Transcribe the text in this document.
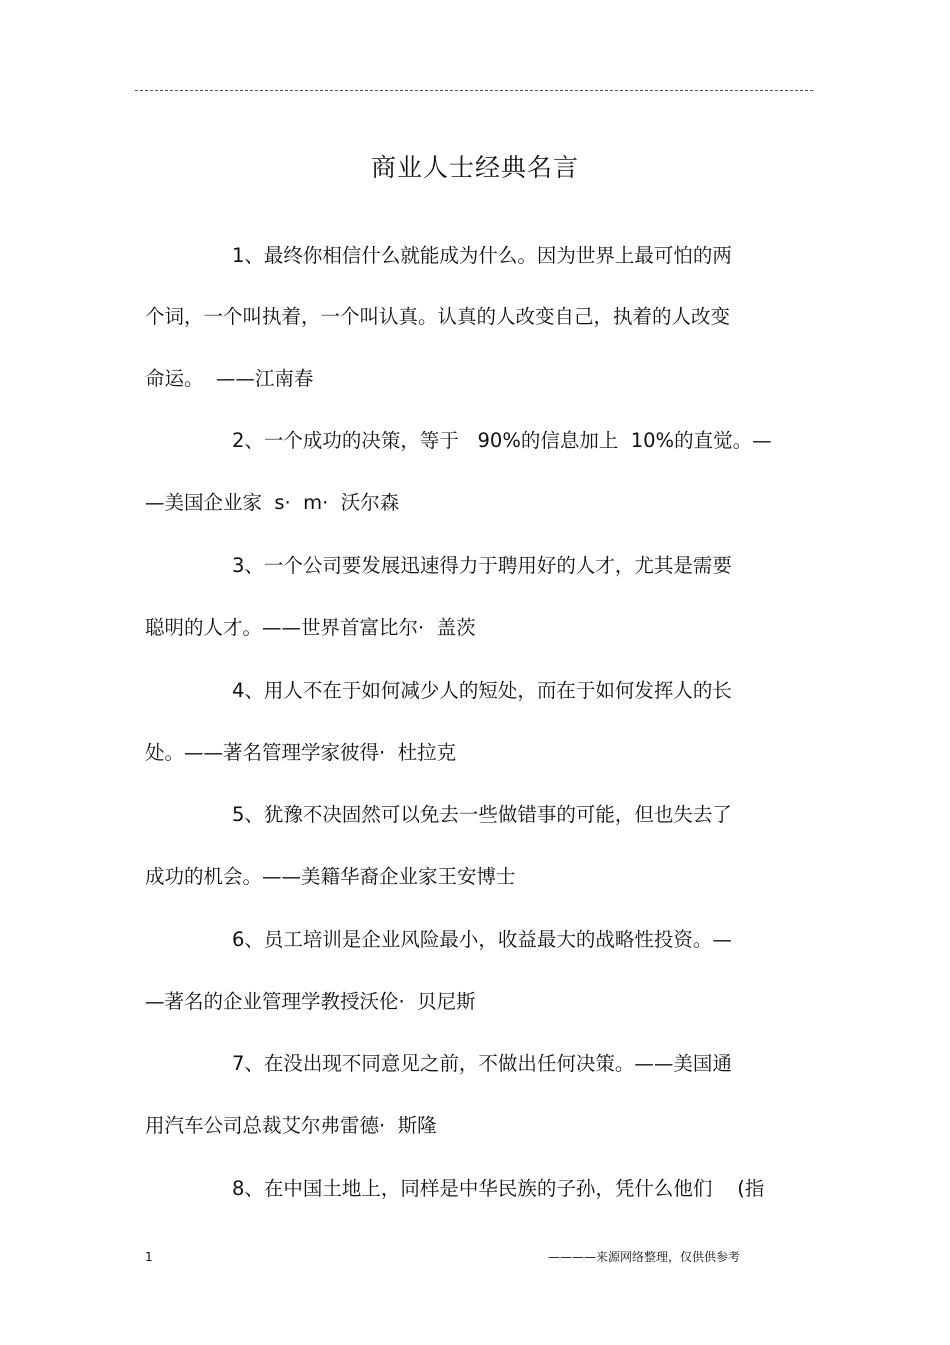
商业人士经典名言
1、最终你相信什么就能成为什么。因为世界上最可怕的两
个词，一个叫执着，一个叫认真。认真的人改变自己，执着的人改变
命运。  ——江南春
2、一个成功的决策，等于   90%的信息加上  10%的直觉。—
—美国企业家  s·  m·  沃尔森
3、一个公司要发展迅速得力于聘用好的人才，尤其是需要
聪明的人才。——世界首富比尔·  盖茨
4、用人不在于如何减少人的短处，而在于如何发挥人的长
处。——著名管理学家彼得·  杜拉克
5、犹豫不决固然可以免去一些做错事的可能，但也失去了
成功的机会。——美籍华裔企业家王安博士
6、员工培训是企业风险最小，收益最大的战略性投资。—
—著名的企业管理学教授沃伦·  贝尼斯
7、在没出现不同意见之前，不做出任何决策。——美国通
用汽车公司总裁艾尔弗雷德·  斯隆
8、在中国土地上，同样是中华民族的子孙，凭什么他们    (指
1	————来源网络整理，仅供供参考
